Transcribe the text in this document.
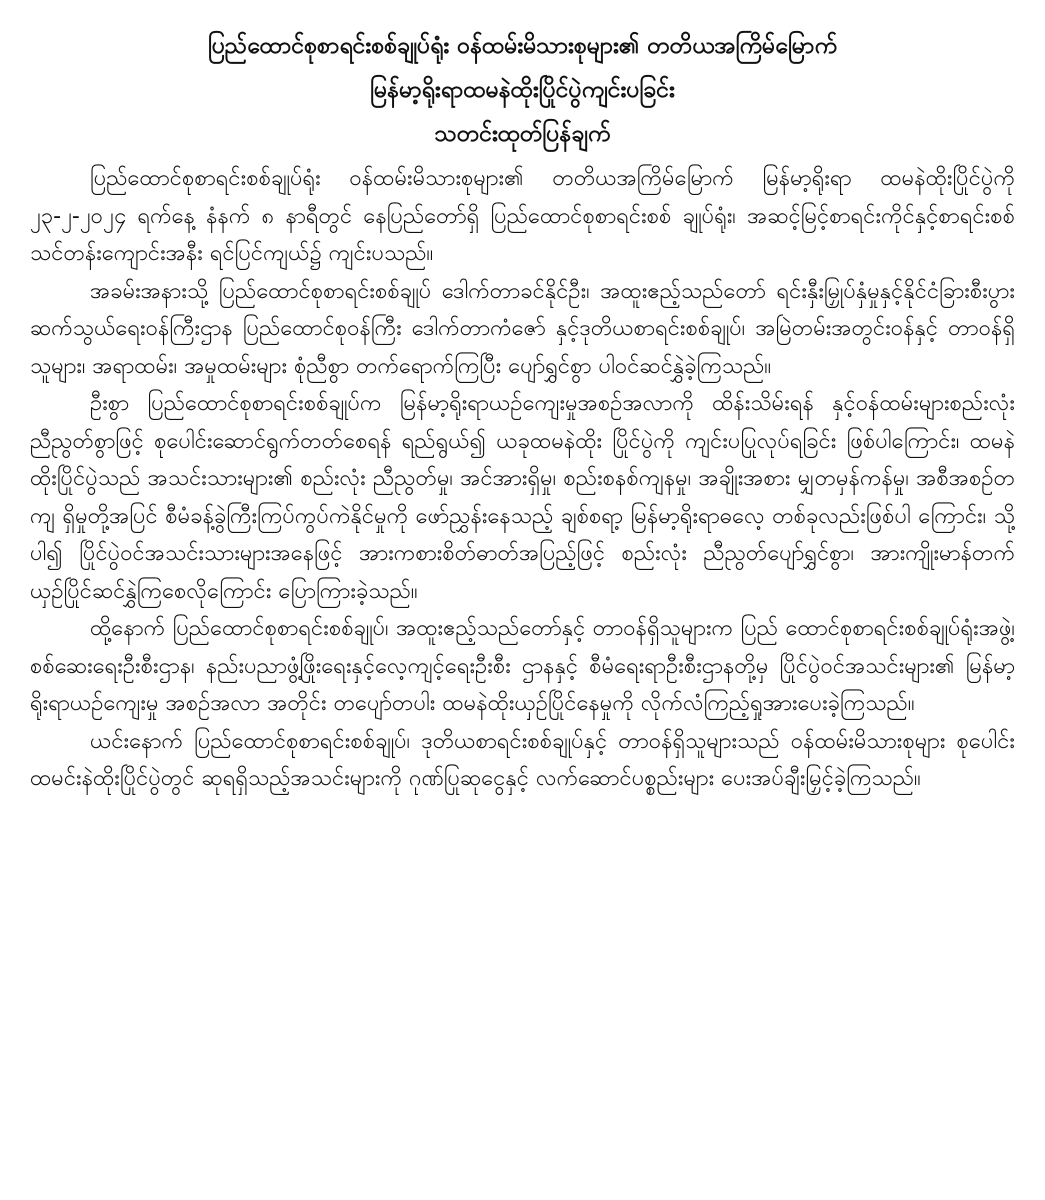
ပြည်ထောင်စုစာရင်းစစ်ချုပ်ရုံး ဝန်ထမ်းမိသားစုများ၏ တတိယအကြိမ်မြောက်
မြန်မာ့ရိုးရာထမနဲထိုးပြိုင်ပွဲကျင်းပခြင်း
သတင်းထုတ်ပြန်ချက်

ပြည်ထောင်စုစာရင်းစစ်ချုပ်ရုံး ဝန်ထမ်းမိသားစုများ၏ တတိယအကြိမ်မြောက် မြန်မာ့ရိုးရာ ထမနဲထိုးပြိုင်ပွဲကို ၂၃-၂-၂၀၂၄ ရက်နေ့ နံနက် ၈ နာရီတွင် နေပြည်တော်ရှိ ပြည်ထောင်စုစာရင်းစစ် ချုပ်ရုံး၊ အဆင့်မြင့်စာရင်းကိုင်နှင့်စာရင်းစစ်သင်တန်းကျောင်းအနီး ရင်ပြင်ကျယ်၌ ကျင်းပသည်။

အခမ်းအနားသို့ ပြည်ထောင်စုစာရင်းစစ်ချုပ် ဒေါက်တာခင်နိုင်ဦး၊ အထူးဧည့်သည်တော် ရင်းနှီးမြှုပ်နှံမှုနှင့်နိုင်ငံခြားစီးပွားဆက်သွယ်ရေးဝန်ကြီးဌာန ပြည်ထောင်စုဝန်ကြီး ဒေါက်တာကံဇော် နှင့်ဒုတိယစာရင်းစစ်ချုပ်၊ အမြဲတမ်းအတွင်းဝန်နှင့် တာဝန်ရှိသူများ၊ အရာထမ်း၊ အမှုထမ်းများ စုံညီစွာ တက်ရောက်ကြပြီး ပျော်ရွှင်စွာ ပါဝင်ဆင်နွှဲခဲ့ကြသည်။

ဦးစွာ ပြည်ထောင်စုစာရင်းစစ်ချုပ်က မြန်မာ့ရိုးရာယဉ်ကျေးမှုအစဉ်အလာကို ထိန်းသိမ်းရန် နှင့်ဝန်ထမ်းများစည်းလုံးညီညွတ်စွာဖြင့် စုပေါင်းဆောင်ရွက်တတ်စေရန် ရည်ရွယ်၍ ယခုထမနဲထိုး ပြိုင်ပွဲကို ကျင်းပပြုလုပ်ရခြင်း ဖြစ်ပါကြောင်း၊ ထမနဲထိုးပြိုင်ပွဲသည် အသင်းသားများ၏ စည်းလုံး ညီညွတ်မှု၊ အင်အားရှိမှု၊ စည်းစနစ်ကျနမှု၊ အချိုးအစား မျှတမှန်ကန်မှု၊ အစီအစဉ်တကျ ရှိမှုတို့အပြင် စီမံခန့်ခွဲကြီးကြပ်ကွပ်ကဲနိုင်မှုကို ဖော်ညွှန်းနေသည့် ချစ်စရာ့ မြန်မာ့ရိုးရာဓလေ့ တစ်ခုလည်းဖြစ်ပါ ကြောင်း၊ သို့ပါ၍ ပြိုင်ပွဲဝင်အသင်းသားများအနေဖြင့် အားကစားစိတ်ဓာတ်အပြည့်ဖြင့် စည်းလုံး ညီညွတ်ပျော်ရွှင်စွာ၊ အားကျိုးမာန်တက် ယှဉ်ပြိုင်ဆင်နွှဲကြစေလိုကြောင်း ပြောကြားခဲ့သည်။

ထို့နောက် ပြည်ထောင်စုစာရင်းစစ်ချုပ်၊ အထူးဧည့်သည်တော်နှင့် တာဝန်ရှိသူများက ပြည် ထောင်စုစာရင်းစစ်ချုပ်ရုံးအဖွဲ့၊ စစ်ဆေးရေးဦးစီးဌာန၊ နည်းပညာဖွံ့ဖြိုးရေးနှင့်လေ့ကျင့်ရေးဦးစီး ဌာနနှင့် စီမံရေးရာဦးစီးဌာနတို့မှ ပြိုင်ပွဲဝင်အသင်းများ၏ မြန်မာ့ရိုးရာယဉ်ကျေးမှု အစဉ်အလာ အတိုင်း တပျော်တပါး ထမနဲထိုးယှဉ်ပြိုင်နေမှုကို လိုက်လံကြည့်ရှုအားပေးခဲ့ကြသည်။

ယင်းနောက် ပြည်ထောင်စုစာရင်းစစ်ချုပ်၊ ဒုတိယစာရင်းစစ်ချုပ်နှင့် တာဝန်ရှိသူများသည် ဝန်ထမ်းမိသားစုများ စုပေါင်းထမင်းနဲထိုးပြိုင်ပွဲတွင် ဆုရရှိသည့်အသင်းများကို ဂုဏ်ပြုဆုငွေနှင့် လက်ဆောင်ပစ္စည်းများ ပေးအပ်ချီးမြှင့်ခဲ့ကြသည်။
